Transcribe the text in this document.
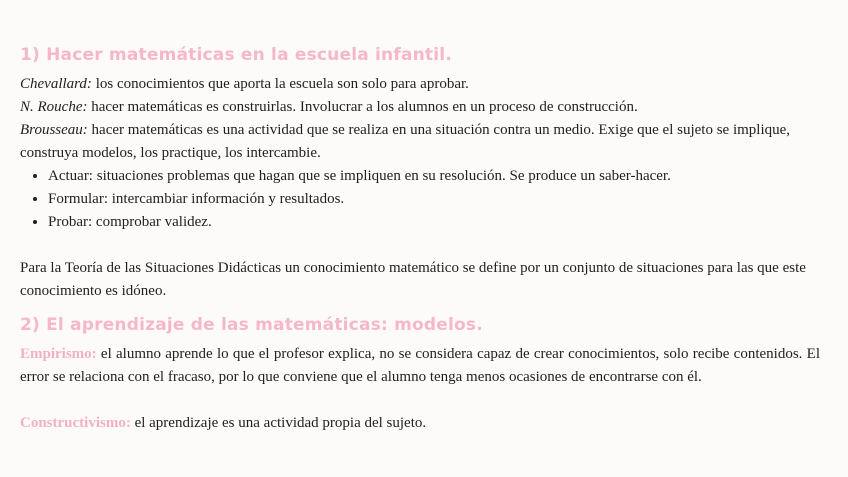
1) Hacer matemáticas en la escuela infantil.

Chevallard: los conocimientos que aporta la escuela son solo para aprobar.

N. Rouche: hacer matemáticas es construirlas. Involucrar a los alumnos en un proceso de construcción.

Brousseau: hacer matemáticas es una actividad que se realiza en una situación contra un medio. Exige que el sujeto se implique, construya modelos, los practique, los intercambie.

• Actuar: situaciones problemas que hagan que se impliquen en su resolución. Se produce un saber-hacer.
• Formular: intercambiar información y resultados.
• Probar: comprobar validez.

Para la Teoría de las Situaciones Didácticas un conocimiento matemático se define por un conjunto de situaciones para las que este conocimiento es idóneo.

2) El aprendizaje de las matemáticas: modelos.

Empirismo: el alumno aprende lo que el profesor explica, no se considera capaz de crear conocimientos, solo recibe contenidos. El error se relaciona con el fracaso, por lo que conviene que el alumno tenga menos ocasiones de encontrarse con él.

Constructivismo: el aprendizaje es una actividad propia del sujeto.
